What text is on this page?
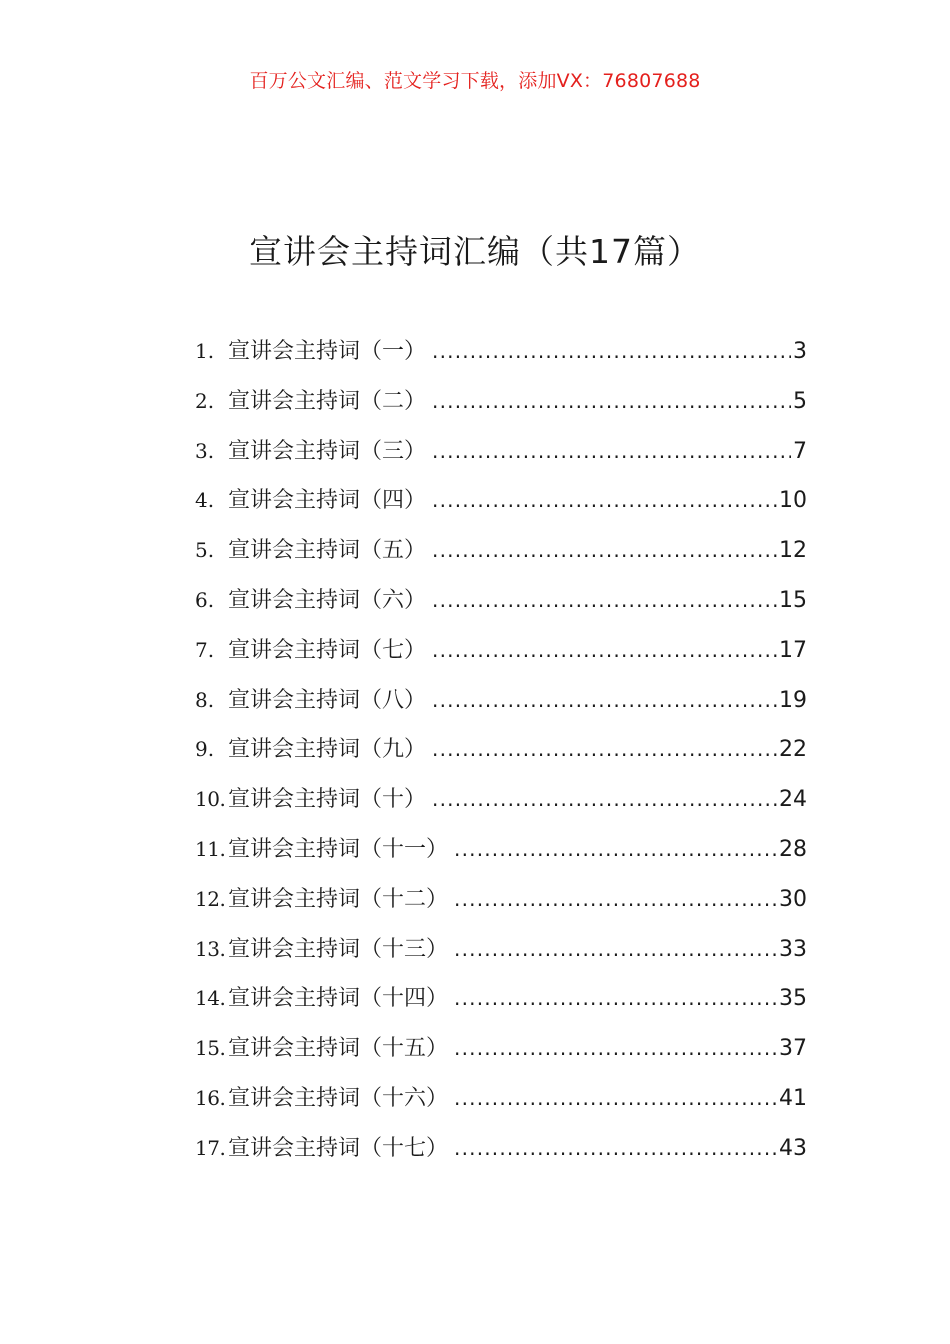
百万公文汇编、范文学习下载，添加VX：76807688
宣讲会主持词汇编（共17篇）
1. 宣讲会主持词（一） .....	3
2. 宣讲会主持词（二） .....	5
3. 宣讲会主持词（三） .....	7
4. 宣讲会主持词（四） .....	10
5. 宣讲会主持词（五） .....	12
6. 宣讲会主持词（六） .....	15
7. 宣讲会主持词（七） .....	17
8. 宣讲会主持词（八） .....	19
9. 宣讲会主持词（九） .....	22
10. 宣讲会主持词（十） .....	24
11. 宣讲会主持词（十一） .....	28
12. 宣讲会主持词（十二） .....	30
13. 宣讲会主持词（十三） .....	33
14. 宣讲会主持词（十四） .....	35
15. 宣讲会主持词（十五） .....	37
16. 宣讲会主持词（十六） .....	41
17. 宣讲会主持词（十七） .....	43
